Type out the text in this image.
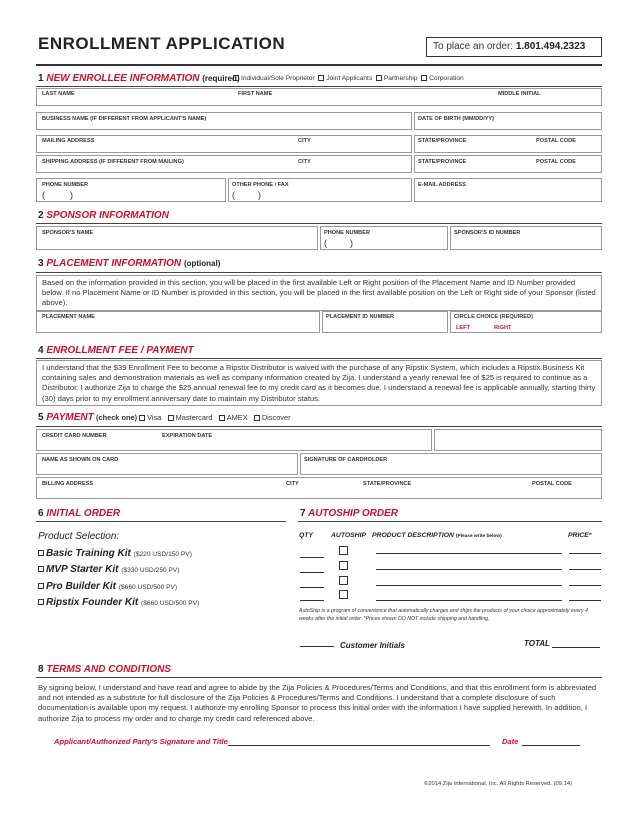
ENROLLMENT APPLICATION	To place an order: 1.801.494.2323
1 NEW ENROLLEE INFORMATION (required) Individual/Sole Proprietor Joint Applicants Partnership Corporation
LAST NAME	FIRST NAME	MIDDLE INITIAL
BUSINESS NAME (IF DIFFERENT FROM APPLICANT'S NAME)	DATE OF BIRTH (MM/DD/YY)
MAILING ADDRESS	CITY	STATE/PROVINCE	POSTAL CODE
SHIPPING ADDRESS (IF DIFFERENT FROM MAILING)	CITY	STATE/PROVINCE	POSTAL CODE
PHONE NUMBER	OTHER PHONE / FAX	E-MAIL ADDRESS
(	)	(	)
2 SPONSOR INFORMATION
SPONSOR'S NAME	PHONE NUMBER	SPONSOR'S ID NUMBER
(	)
3 PLACEMENT INFORMATION (optional)
Based on the information provided in this section, you will be placed in the first available Left or Right position of the Placement Name and ID Number provided below. If no Placement Name or ID Number is provided in this section, you will be placed in the first available position on the Left or Right side of your Sponsor (listed above).
PLACEMENT NAME	PLACEMENT ID NUMBER	CIRCLE CHOICE (REQUIRED)
LEFT	RIGHT
4 ENROLLMENT FEE / PAYMENT
I understand that the $39 Enrollment Fee to become a Ripstix Distributor is waived with the purchase of any Ripstix System, which includes a Ripstix Business Kit containing sales and demonstration materials as well as company information created by Zija. I understand a yearly renewal fee of $25 is required to continue as a Distributor. I authorize Zija to charge the $25 annual renewal fee to my credit card as it becomes due. I understand a renewal fee is applicable annually, starting thirty (30) days prior to my enrollment anniversary date to maintain my Distributor status.
5 PAYMENT (check one) Visa Mastercard AMEX Discover
CREDIT CARD NUMBER	EXPIRATION DATE
NAME AS SHOWN ON CARD	SIGNATURE OF CARDHOLDER
BILLING ADDRESS	CITY	STATE/PROVINCE	POSTAL CODE
6 INITIAL ORDER
Product Selection:
Basic Training Kit ($220 USD/150 PV)
MVP Starter Kit ($330 USD/250 PV)
Pro Builder Kit ($660 USD/500 PV)
Ripstix Founder Kit ($660 USD/500 PV)
7 AUTOSHIP ORDER
QTY	AUTOSHIP PRODUCT DESCRIPTION (Please write below)	PRICE*
AutoShip is a program of convenience that automatically charges and ships the products of your choice approximately every 4 weeks after the initial order. *Prices shown DO NOT include shipping and handling.
Customer Initials	TOTAL
8 TERMS AND CONDITIONS
By signing below, I understand and have read and agree to abide by the Zija Policies & Procedures/Terms and Conditions, and that this enrollment form is abbreviated and not intended as a substitute for full disclosure of the Zija Policies & Procedures/Terms and Conditions. I understand that a complete disclosure of such documentation is available upon my request. I authorize my enrolling Sponsor to process this initial order with the information I have supplied herewith. In addition, I authorize Zija to process my order and to charge my credit card referenced above.
Applicant/Authorized Party's Signature and Title	Date
©2014 Zija International, Inc. All Rights Reserved. (09.14)
